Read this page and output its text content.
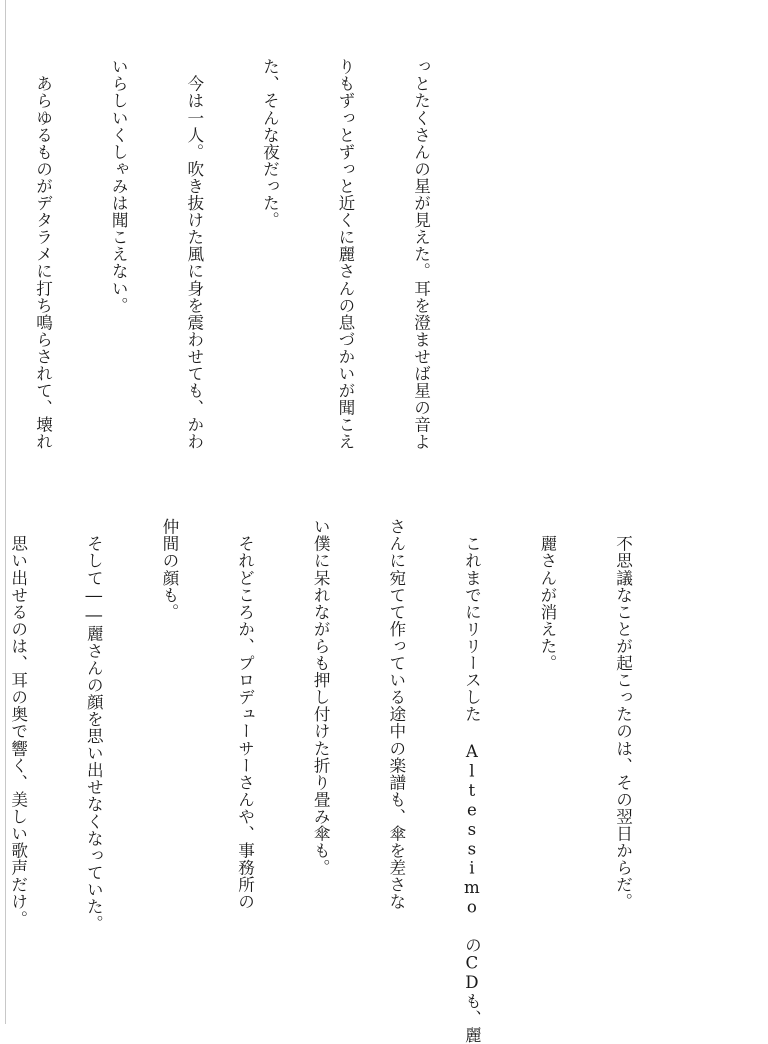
っとたくさんの星が見えた。耳を澄ませば星の音よ

りもずっとずっと近くに麗さんの息づかいが聞こえ

た、そんな夜だった。

　今は一人。吹き抜けた風に身を震わせても、かわ

いらしいくしゃみは聞こえない。

　あらゆるものがデタラメに打ち鳴らされて、壊れ

　不思議なことが起こったのは、その翌日からだ。

　麗さんが消えた。

　これまでにリリースした Altessimo のCDも、麗

さんに宛てて作っている途中の楽譜も、傘を差さな

い僕に呆れながらも押し付けた折り畳み傘も。

　それどころか、プロデューサーさんや、事務所の

仲間の顔も。

　そして――麗さんの顔を思い出せなくなっていた。

　思い出せるのは、耳の奥で響く、美しい歌声だけ。
